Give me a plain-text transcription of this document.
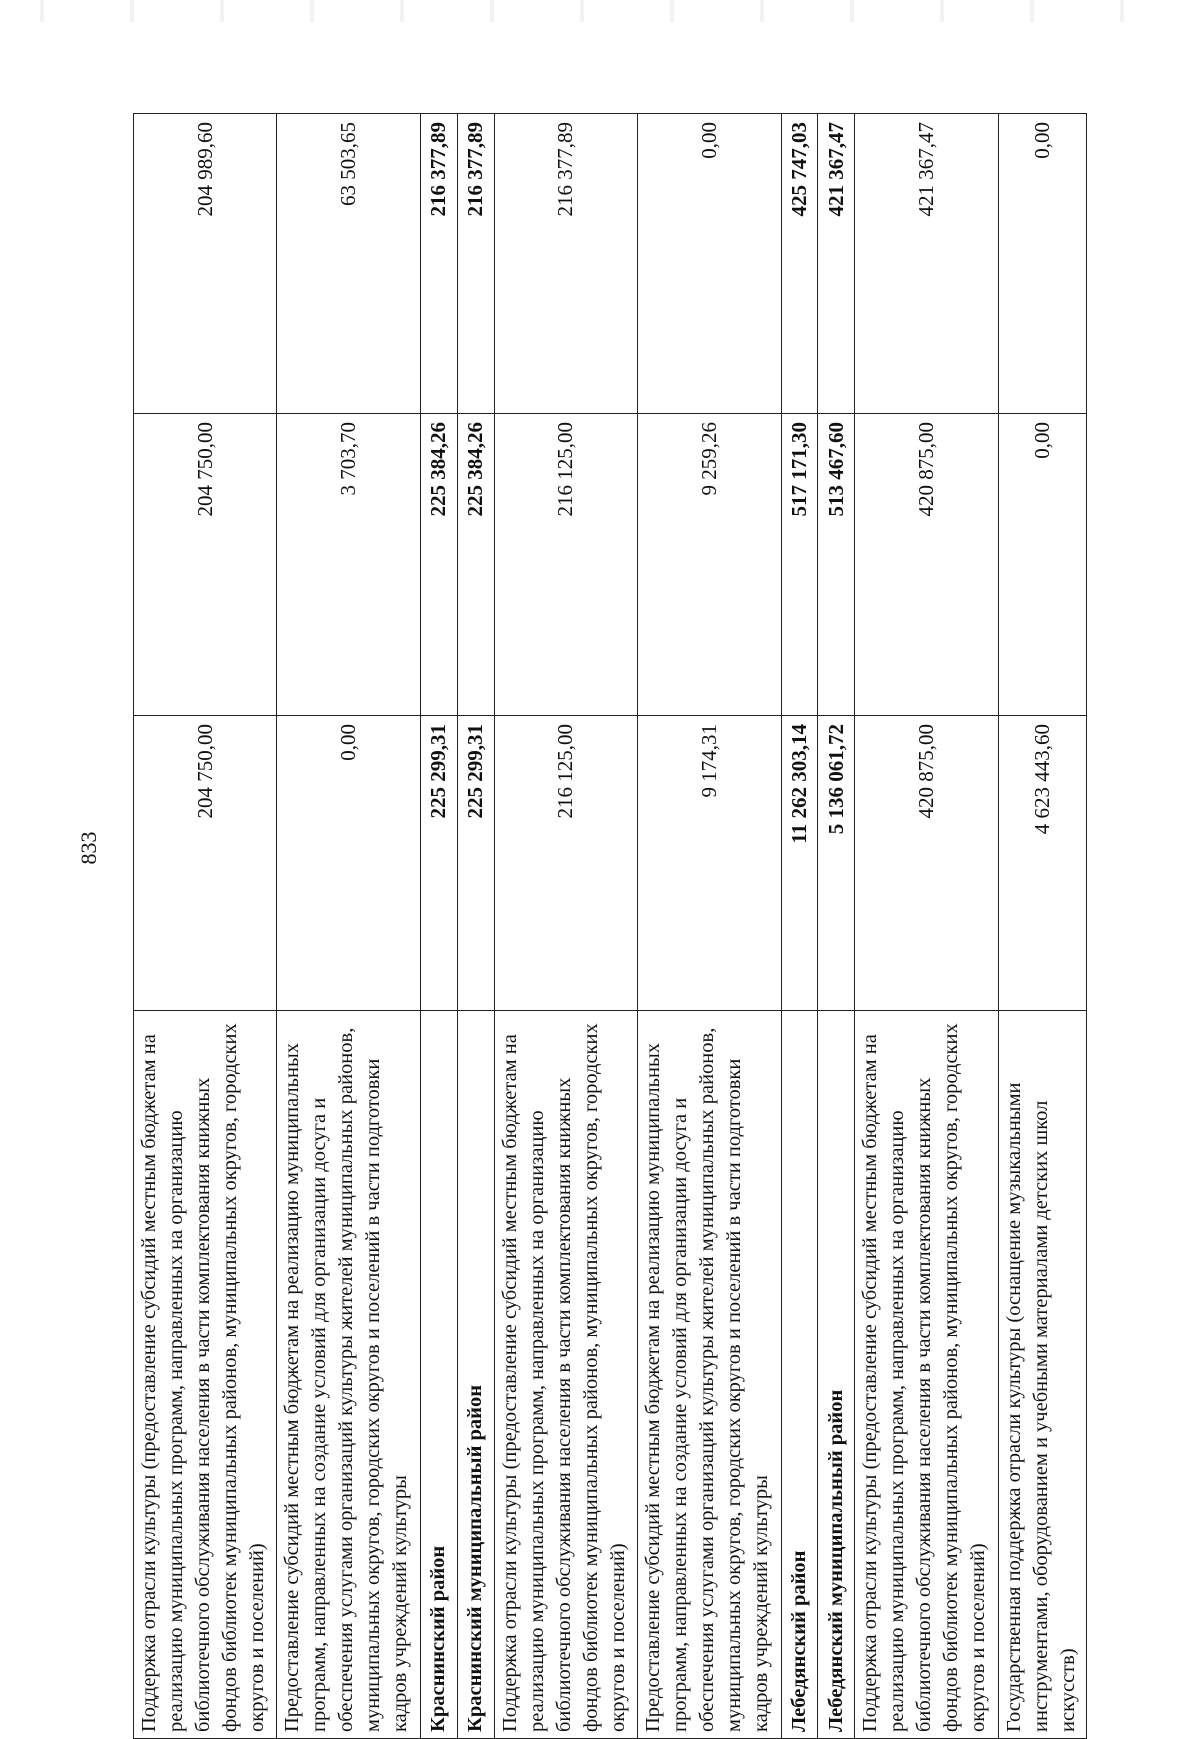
833
Поддержка отрасли культуры (предоставление субсидий местным бюджетам на реализацию муниципальных программ, направленных на организацию библиотечного обслуживания населения в части комплектования книжных фондов библиотек муниципальных районов, муниципальных округов, городских округов и поселений)	204 750,00	204 750,00	204 989,60
Предоставление субсидий местным бюджетам на реализацию муниципальных программ, направленных на создание условий для организации досуга и обеспечения услугами организаций культуры жителей муниципальных районов, муниципальных округов, городских округов и поселений в части подготовки кадров учреждений культуры	0,00	3 703,70	63 503,65
Краснинский район	225 299,31	225 384,26	216 377,89
Краснинский муниципальный район	225 299,31	225 384,26	216 377,89
Поддержка отрасли культуры (предоставление субсидий местным бюджетам на реализацию муниципальных программ, направленных на организацию библиотечного обслуживания населения в части комплектования книжных фондов библиотек муниципальных районов, муниципальных округов, городских округов и поселений)	216 125,00	216 125,00	216 377,89
Предоставление субсидий местным бюджетам на реализацию муниципальных программ, направленных на создание условий для организации досуга и обеспечения услугами организаций культуры жителей муниципальных районов, муниципальных округов, городских округов и поселений в части подготовки кадров учреждений культуры	9 174,31	9 259,26	0,00
Лебедянский район	11 262 303,14	517 171,30	425 747,03
Лебедянский муниципальный район	5 136 061,72	513 467,60	421 367,47
Поддержка отрасли культуры (предоставление субсидий местным бюджетам на реализацию муниципальных программ, направленных на организацию библиотечного обслуживания населения в части комплектования книжных фондов библиотек муниципальных районов, муниципальных округов, городских округов и поселений)	420 875,00	420 875,00	421 367,47
Государственная поддержка отрасли культуры (оснащение музыкальными инструментами, оборудованием и учебными материалами детских школ искусств)	4 623 443,60	0,00	0,00
